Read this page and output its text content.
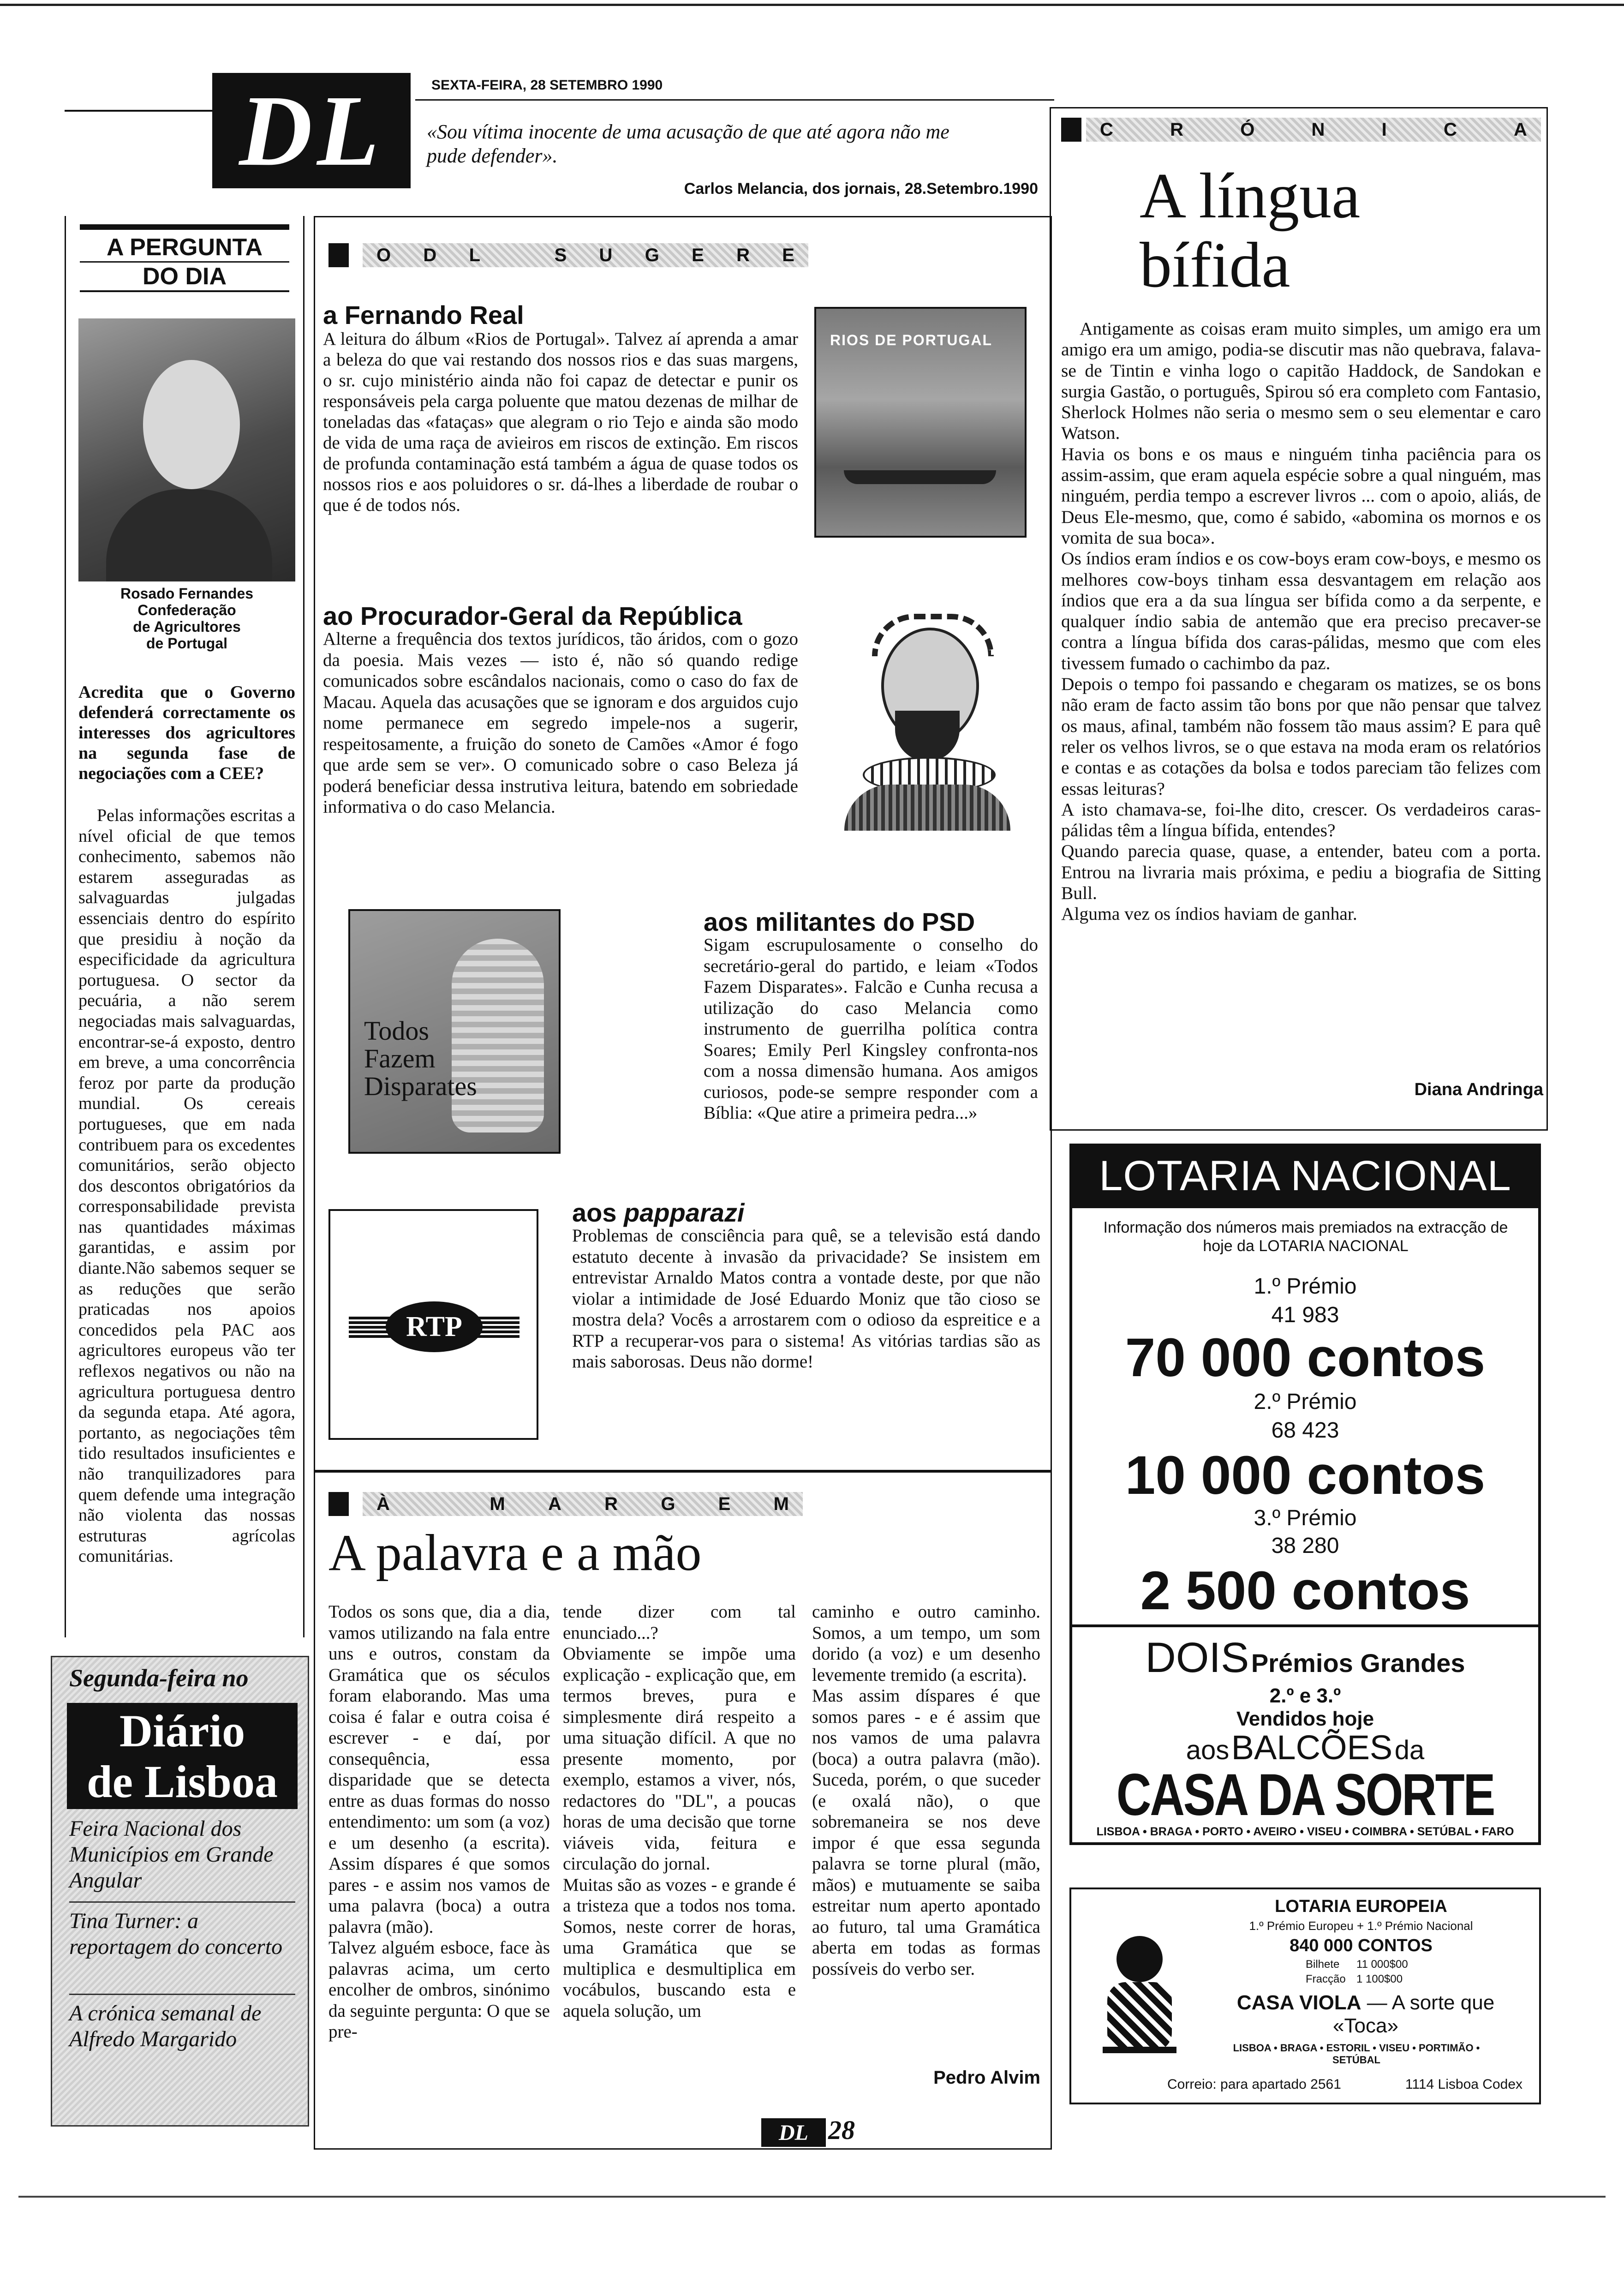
DL	SEXTA-FEIRA, 28 SETEMBRO 1990
«Sou vítima inocente de uma acusação de que até agora não me pude defender».
Carlos Melancia, dos jornais, 28.Setembro.1990
A PERGUNTA
DO DIA
Rosado Fernandes
Confederação
de Agricultores
de Portugal
Acredita que o Governo defenderá correctamente os interesses dos agricultores na segunda fase de negociações com a CEE?
Pelas informações escritas a nível oficial de que temos conhecimento, sabemos não estarem asseguradas as salvaguardas julgadas essenciais dentro do espírito que presidiu à noção da especificidade da agricultura portuguesa. O sector da pecuária, a não serem negociadas mais salvaguardas, encontrar-se-á exposto, dentro em breve, a uma concorrência feroz por parte da produção mundial. Os cereais portugueses, que em nada contribuem para os excedentes comunitários, serão objecto dos descontos obrigatórios da corresponsabilidade prevista nas quantidades máximas garantidas, e assim por diante.Não sabemos sequer se as reduções que serão praticadas nos apoios concedidos pela PAC aos agricultores europeus vão ter reflexos negativos ou não na agricultura portuguesa dentro da segunda etapa. Até agora, portanto, as negociações têm tido resultados insuficientes e não tranquilizadores para quem defende uma integração não violenta das nossas estruturas agrícolas comunitárias.
Segunda-feira no
Diário
de Lisboa
Feira Nacional dos Municípios em Grande Angular
Tina Turner: a reportagem do concerto
A crónica semanal de Alfredo Margarido
O D L	S U G E R E
a Fernando Real
A leitura do álbum «Rios de Portugal». Talvez aí aprenda a amar a beleza do que vai restando dos nossos rios e das suas margens, o sr. cujo ministério ainda não foi capaz de detectar e punir os responsáveis pela carga poluente que matou dezenas de milhar de toneladas das «fataças» que alegram o rio Tejo e ainda são modo de vida de uma raça de avieiros em riscos de extinção. Em riscos de profunda contaminação está também a água de quase todos os nossos rios e aos poluidores o sr. dá-lhes a liberdade de roubar o que é de todos nós.
RIOS DE PORTUGAL
ao Procurador-Geral da República
Alterne a frequência dos textos jurídicos, tão áridos, com o gozo da poesia. Mais vezes — isto é, não só quando redige comunicados sobre escândalos nacionais, como o caso do fax de Macau. Aquela das acusações que se ignoram e dos arguidos cujo nome permanece em segredo impele-nos a sugerir, respeitosamente, a fruição do soneto de Camões «Amor é fogo que arde sem se ver». O comunicado sobre o caso Beleza já poderá beneficiar dessa instrutiva leitura, batendo em sobriedade informativa o do caso Melancia.
Todos
Fazem
Disparates
aos militantes do PSD
Sigam escrupulosamente o conselho do secretário-geral do partido, e leiam «Todos Fazem Disparates». Falcão e Cunha recusa a utilização do caso Melancia como instrumento de guerrilha política contra Soares; Emily Perl Kingsley confronta-nos com a nossa dimensão humana. Aos amigos curiosos, pode-se sempre responder com a Bíblia: «Que atire a primeira pedra...»
RTP
aos papparazi
Problemas de consciência para quê, se a televisão está dando estatuto decente à invasão da privacidade? Se insistem em entrevistar Arnaldo Matos contra a vontade deste, por que não violar a intimidade de José Eduardo Moniz que tão cioso se mostra dela? Vocês a arrostarem com o odioso da espreitice e a RTP a recuperar-vos para o sistema! As vitórias tardias são as mais saborosas. Deus não dorme!
À	M A R G E M
A palavra e a mão
Todos os sons que, dia a dia, vamos utilizando na fala entre uns e outros, constam da Gramática que os séculos foram elaborando. Mas uma coisa é falar e outra coisa é escrever - e daí, por consequência, essa disparidade que se detecta entre as duas formas do nosso entendimento: um som (a voz) e um desenho (a escrita). Assim díspares é que somos pares - e assim nos vamos de uma palavra (boca) a outra palavra (mão).
Talvez alguém esboce, face às palavras acima, um certo encolher de ombros, sinónimo da seguinte pergunta: O que se pre-
tende dizer com tal enunciado...?
Obviamente se impõe uma explicação - explicação que, em termos breves, pura e simplesmente dirá respeito a uma situação difícil. A que no presente momento, por exemplo, estamos a viver, nós, redactores do "DL", a poucas horas de uma decisão que torne viáveis vida, feitura e circulação do jornal.
Muitas são as vozes - e grande é a tristeza que a todos nos toma. Somos, neste correr de horas, uma Gramática que se multiplica e desmultiplica em vocábulos, buscando esta e aquela solução, um
caminho e outro caminho. Somos, a um tempo, um som dorido (a voz) e um desenho levemente tremido (a escrita).
Mas assim díspares é que somos pares - e é assim que nos vamos de uma palavra (boca) a outra palavra (mão). Suceda, porém, o que suceder (e oxalá não), o que sobremaneira se nos deve impor é que essa segunda palavra se torne plural (mão, mãos) e mutuamente se saiba estreitar num aperto apontado ao futuro, tal uma Gramática aberta em todas as formas possíveis do verbo ser.
Pedro Alvim
C	R	Ó	N	I	C	A
A língua
bífida
Antigamente as coisas eram muito simples, um amigo era um amigo era um amigo, podia-se discutir mas não quebrava, falava-se de Tintin e vinha logo o capitão Haddock, de Sandokan e surgia Gastão, o português, Spirou só era completo com Fantasio, Sherlock Holmes não seria o mesmo sem o seu elementar e caro Watson.
Havia os bons e os maus e ninguém tinha paciência para os assim-assim, que eram aquela espécie sobre a qual ninguém, mas ninguém, perdia tempo a escrever livros ... com o apoio, aliás, de Deus Ele-mesmo, que, como é sabido, «abomina os mornos e os vomita de sua boca».
Os índios eram índios e os cow-boys eram cow-boys, e mesmo os melhores cow-boys tinham essa desvantagem em relação aos índios que era a da sua língua ser bífida como a da serpente, e qualquer índio sabia de antemão que era preciso precaver-se contra a língua bífida dos caras-pálidas, mesmo que com eles tivessem fumado o cachimbo da paz.
Depois o tempo foi passando e chegaram os matizes, se os bons não eram de facto assim tão bons por que não pensar que talvez os maus, afinal, também não fossem tão maus assim? E para quê reler os velhos livros, se o que estava na moda eram os relatórios e contas e as cotações da bolsa e todos pareciam tão felizes com essas leituras?
A isto chamava-se, foi-lhe dito, crescer. Os verdadeiros caras-pálidas têm a língua bífida, entendes?
Quando parecia quase, quase, a entender, bateu com a porta. Entrou na livraria mais próxima, e pediu a biografia de Sitting Bull.
Alguma vez os índios haviam de ganhar.
Diana Andringa
LOTARIA NACIONAL
Informação dos números mais premiados na extracção de hoje da LOTARIA NACIONAL
1.º Prémio
41 983
70 000 contos
2.º Prémio
68 423
10 000 contos
3.º Prémio
38 280
2 500 contos
DOIS Prémios Grandes
2.º e 3.º
Vendidos hoje
aos BALCÕES da
CASA DA SORTE
LISBOA • BRAGA • PORTO • AVEIRO • VISEU • COIMBRA • SETÚBAL • FARO
LOTARIA EUROPEIA
1.º Prémio Europeu + 1.º Prémio Nacional
840 000 CONTOS
Bilhete 11 000$00
Fracção 1 100$00
CASA VIOLA — A sorte que «Toca»
LISBOA • BRAGA • ESTORIL • VISEU • PORTIMÃO • SETÚBAL
Correio: para apartado 2561	1114 Lisboa Codex
DL 28
